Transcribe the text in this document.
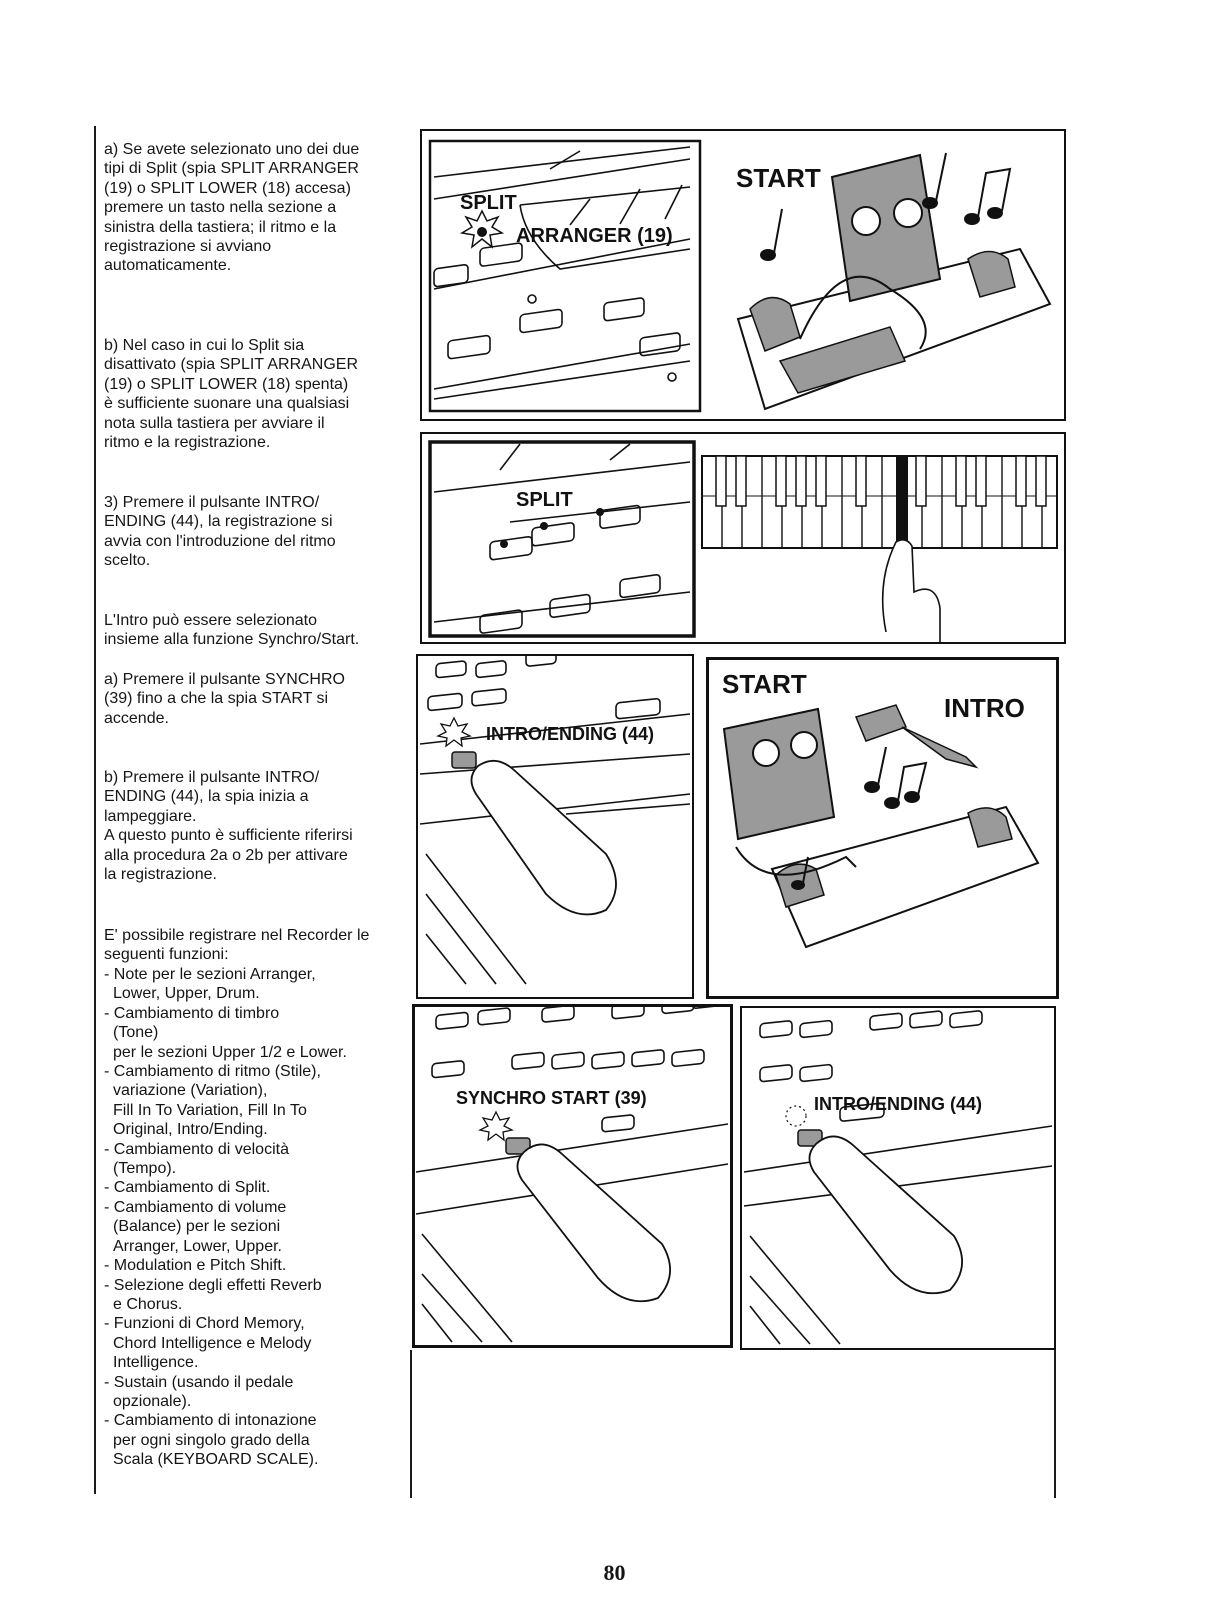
a) Se avete selezionato uno dei due
tipi di Split (spia SPLIT ARRANGER
(19) o SPLIT LOWER (18) accesa)
premere un tasto nella sezione a
sinistra della tastiera; il ritmo e la
registrazione si avviano
automaticamente.
b) Nel caso in cui lo Split sia
disattivato (spia SPLIT ARRANGER
(19) o SPLIT LOWER (18) spenta)
è sufficiente suonare una qualsiasi
nota sulla tastiera per avviare il
ritmo e la registrazione.
3) Premere il pulsante INTRO/
ENDING (44), la registrazione si
avvia con l'introduzione del ritmo
scelto.
L'Intro può essere selezionato
insieme alla funzione Synchro/Start.
a) Premere il pulsante SYNCHRO
(39) fino a che la spia START si
accende.
b) Premere il pulsante INTRO/
ENDING (44), la spia inizia a
lampeggiare.
A questo punto è sufficiente riferirsi
alla procedura 2a o 2b per attivare
la registrazione.
E' possibile registrare nel Recorder le
seguenti funzioni:
- Note per le sezioni Arranger,
Lower, Upper, Drum.
- Cambiamento di timbro
(Tone)
per le sezioni Upper 1/2 e Lower.
- Cambiamento di ritmo (Stile),
variazione (Variation),
Fill In To Variation, Fill In To
Original, Intro/Ending.
- Cambiamento di velocità
(Tempo).
- Cambiamento di Split.
- Cambiamento di volume
(Balance) per le sezioni
Arranger, Lower, Upper.
- Modulation e Pitch Shift.
- Selezione degli effetti Reverb
e Chorus.
- Funzioni di Chord Memory,
Chord Intelligence e Melody
Intelligence.
- Sustain (usando il pedale
opzionale).
- Cambiamento di intonazione
per ogni singolo grado della
Scala (KEYBOARD SCALE).
SPLIT
ARRANGER (19)
START
SPLIT
INTRO/ENDING (44)
START
INTRO
SYNCHRO START (39)	INTRO/ENDING (44)
80
